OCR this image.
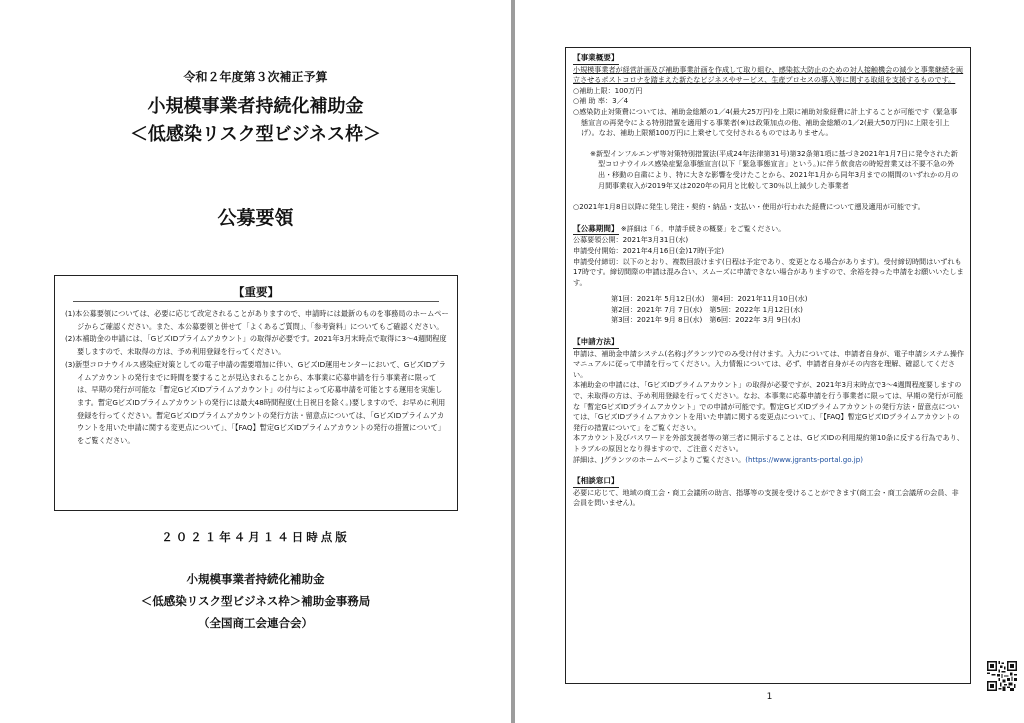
令和２年度第３次補正予算
小規模事業者持続化補助金
＜低感染リスク型ビジネス枠＞
公募要領
【重要】

(1)本公募要領については、必要に応じて改定されることがありますので、申請時には最新のものを事務局のホームページからご確認ください。また、本公募要領と併せて「よくあるご質問」、「参考資料」についてもご確認ください。

(2)本補助金の申請には、「GビズIDプライムアカウント」の取得が必要です。2021年3月末時点で取得に3～4週間程度要しますので、未取得の方は、予め利用登録を行ってください。

(3)新型コロナウイルス感染症対策としての電子申請の需要増加に伴い、GビズID運用センターにおいて、GビズIDプライムアカウントの発行までに時間を要することが見込まれることから、本事業に応募申請を行う事業者に限っては、早期の発行が可能な「暫定GビズIDプライムアカウント」の付与によって応募申請を可能とする運用を実施します。暫定GビズIDプライムアカウントの発行には最大48時間程度(土日祝日を除く。)要しますので、お早めに利用登録を行ってください。暫定GビズIDプライムアカウントの発行方法・留意点については、「GビズIDプライムアカウントを用いた申請に関する変更点について」、「【FAQ】暫定GビズIDプライムアカウントの発行の措置について」をご覧ください。

２０２１年４月１４日時点版
小規模事業者持続化補助金
＜低感染リスク型ビジネス枠＞補助金事務局
（全国商工会連合会）

【事業概要】

小規模事業者が経営計画及び補助事業計画を作成して取り組む、感染拡大防止のための対人接触機会の減少と事業継続を両立させるポストコロナを踏まえた新たなビジネスやサービス、生産プロセスの導入等に関する取組を支援するものです。

○補助上限：100万円

○補 助 率：3／4

○感染防止対策費については、補助金総額の1／4(最大25万円)を上限に補助対象経費に計上することが可能です（緊急事態宣言の再発令による特別措置を適用する事業者(※)は政策加点の他、補助金総額の1／2(最大50万円)に上限を引上げ）。なお、補助上限額100万円に上乗せして交付されるものではありません。

※新型インフルエンザ等対策特別措置法(平成24年法律第31号)第32条第1項に基づき2021年1月7日に発令された新型コロナウイルス感染症緊急事態宣言(以下「緊急事態宣言」という。)に伴う飲食店の時短営業又は不要不急の外出・移動の自粛により、特に大きな影響を受けたことから、2021年1月から同年3月までの期間のいずれかの月の月間事業収入が2019年又は2020年の同月と比較して30％以上減少した事業者

○2021年1月8日以降に発生し発注・契約・納品・支払い・使用が行われた経費について遡及適用が可能です。

【公募期間】 ※詳細は「６．申請手続きの概要」をご覧ください。

公募要領公開：2021年3月31日(水)

申請受付開始：2021年4月16日(金)17時(予定)

申請受付締切：以下のとおり、複数回設けます(日程は予定であり、変更となる場合があります)。受付締切時間はいずれも17時です。締切間際の申請は混み合い、スムーズに申請できない場合がありますので、余裕を持った申請をお願いいたします。

第1回：2021年 5月12日(水)　第4回：2021年11月10日(水)

第2回：2021年 7月 7日(水)　第5回：2022年 1月12日(水)

第3回：2021年 9月 8日(水)　第6回：2022年 3月 9日(水)

【申請方法】

申請は、補助金申請システム(名称:Jグランツ)でのみ受け付けます。入力については、申請者自身が、電子申請システム操作マニュアルに従って申請を行ってください。入力情報については、必ず、申請者自身がその内容を理解、確認してください。

本補助金の申請には、「GビズIDプライムアカウント」の取得が必要ですが、2021年3月末時点で3～4週間程度要しますので、未取得の方は、予め利用登録を行ってください。なお、本事業に応募申請を行う事業者に限っては、早期の発行が可能な「暫定GビズIDプライムアカウント」での申請が可能です。暫定GビズIDプライムアカウントの発行方法・留意点については、「GビズIDプライムアカウントを用いた申請に関する変更点について」、「【FAQ】暫定GビズIDプライムアカウントの発行の措置について」をご覧ください。

本アカウント及びパスワードを外部支援者等の第三者に開示することは、GビズIDの利用規約第10条に反する行為であり、トラブルの原因となり得ますので、ご注意ください。

詳細は、Jグランツのホームページよりご覧ください。(https://www.jgrants-portal.go.jp)

【相談窓口】

必要に応じて、地域の商工会・商工会議所の助言、指導等の支援を受けることができます(商工会・商工会議所の会員、非会員を問いません)。

1
